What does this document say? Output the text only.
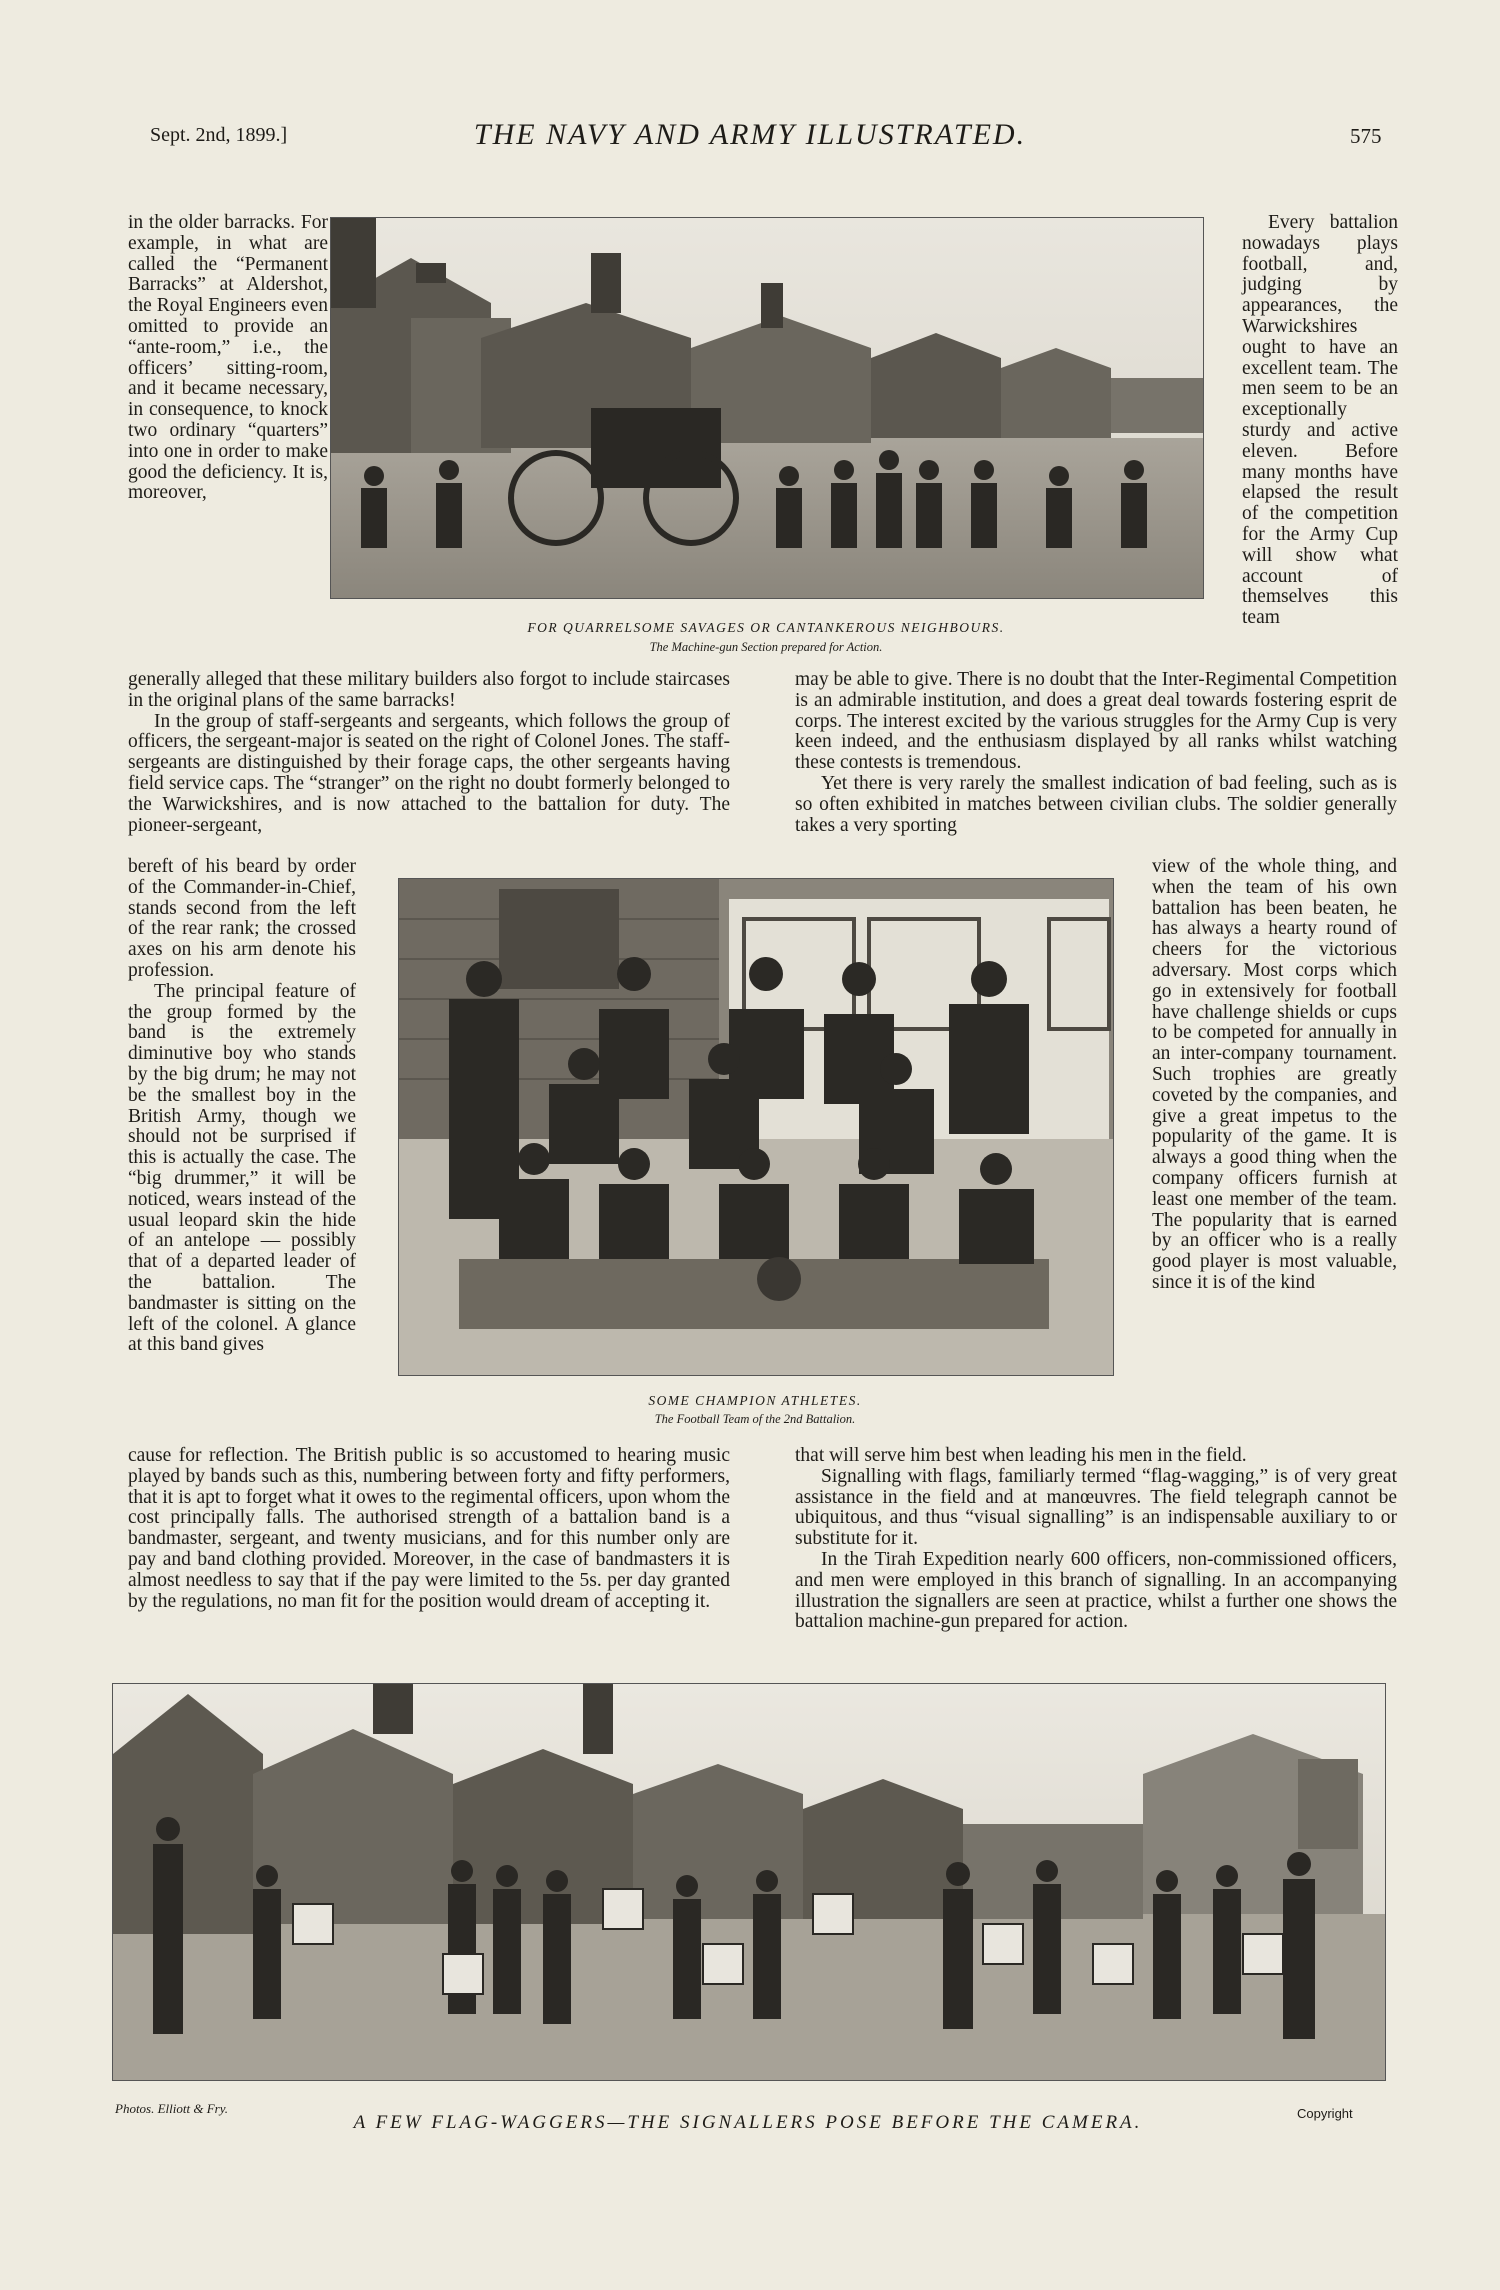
Sept. 2nd, 1899.]	THE NAVY AND ARMY ILLUSTRATED.	575

in the older barracks. For example, in what are called the “Permanent Barracks” at Aldershot, the Royal Engineers even omitted to provide an “ante-room,” i.e., the officers’ sitting-room, and it became necessary, in consequence, to knock two ordinary “quarters” into one in order to make good the deficiency. It is, moreover,

FOR QUARRELSOME SAVAGES OR CANTANKEROUS NEIGHBOURS.
The Machine-gun Section prepared for Action.

Every battalion nowadays plays football, and, judging by appearances, the Warwickshires ought to have an excellent team. The men seem to be an exceptionally sturdy and active eleven. Before many months have elapsed the result of the competition for the Army Cup will show what account of themselves this team

generally alleged that these military builders also forgot to include staircases in the original plans of the same barracks!

In the group of staff-sergeants and sergeants, which follows the group of officers, the sergeant-major is seated on the right of Colonel Jones. The staff-sergeants are distinguished by their forage caps, the other sergeants having field service caps. The “stranger” on the right no doubt formerly belonged to the Warwickshires, and is now attached to the battalion for duty. The pioneer-sergeant,

may be able to give. There is no doubt that the Inter-Regimental Competition is an admirable institution, and does a great deal towards fostering esprit de corps. The interest excited by the various struggles for the Army Cup is very keen indeed, and the enthusiasm displayed by all ranks whilst watching these contests is tremendous.

Yet there is very rarely the smallest indication of bad feeling, such as is so often exhibited in matches between civilian clubs. The soldier generally takes a very sporting

bereft of his beard by order of the Commander-in-Chief, stands second from the left of the rear rank; the crossed axes on his arm denote his profession.

The principal feature of the group formed by the band is the extremely diminutive boy who stands by the big drum; he may not be the smallest boy in the British Army, though we should not be surprised if this is actually the case. The “big drummer,” it will be noticed, wears instead of the usual leopard skin the hide of an antelope — possibly that of a departed leader of the battalion. The bandmaster is sitting on the left of the colonel. A glance at this band gives

SOME CHAMPION ATHLETES.
The Football Team of the 2nd Battalion.

view of the whole thing, and when the team of his own battalion has been beaten, he has always a hearty round of cheers for the victorious adversary. Most corps which go in extensively for football have challenge shields or cups to be competed for annually in an inter-company tournament. Such trophies are greatly coveted by the companies, and give a great impetus to the popularity of the game. It is always a good thing when the company officers furnish at least one member of the team. The popularity that is earned by an officer who is a really good player is most valuable, since it is of the kind

cause for reflection. The British public is so accustomed to hearing music played by bands such as this, numbering between forty and fifty performers, that it is apt to forget what it owes to the regimental officers, upon whom the cost principally falls. The authorised strength of a battalion band is a bandmaster, sergeant, and twenty musicians, and for this number only are pay and band clothing provided. Moreover, in the case of bandmasters it is almost needless to say that if the pay were limited to the 5s. per day granted by the regulations, no man fit for the position would dream of accepting it.

that will serve him best when leading his men in the field.

Signalling with flags, familiarly termed “flag-wagging,” is of very great assistance in the field and at manœuvres. The field telegraph cannot be ubiquitous, and thus “visual signalling” is an indispensable auxiliary to or substitute for it.

In the Tirah Expedition nearly 600 officers, non-commissioned officers, and men were employed in this branch of signalling. In an accompanying illustration the signallers are seen at practice, whilst a further one shows the battalion machine-gun prepared for action.

Photos. Elliott & Fry.
A FEW FLAG-WAGGERS—THE SIGNALLERS POSE BEFORE THE CAMERA.	Copyright
